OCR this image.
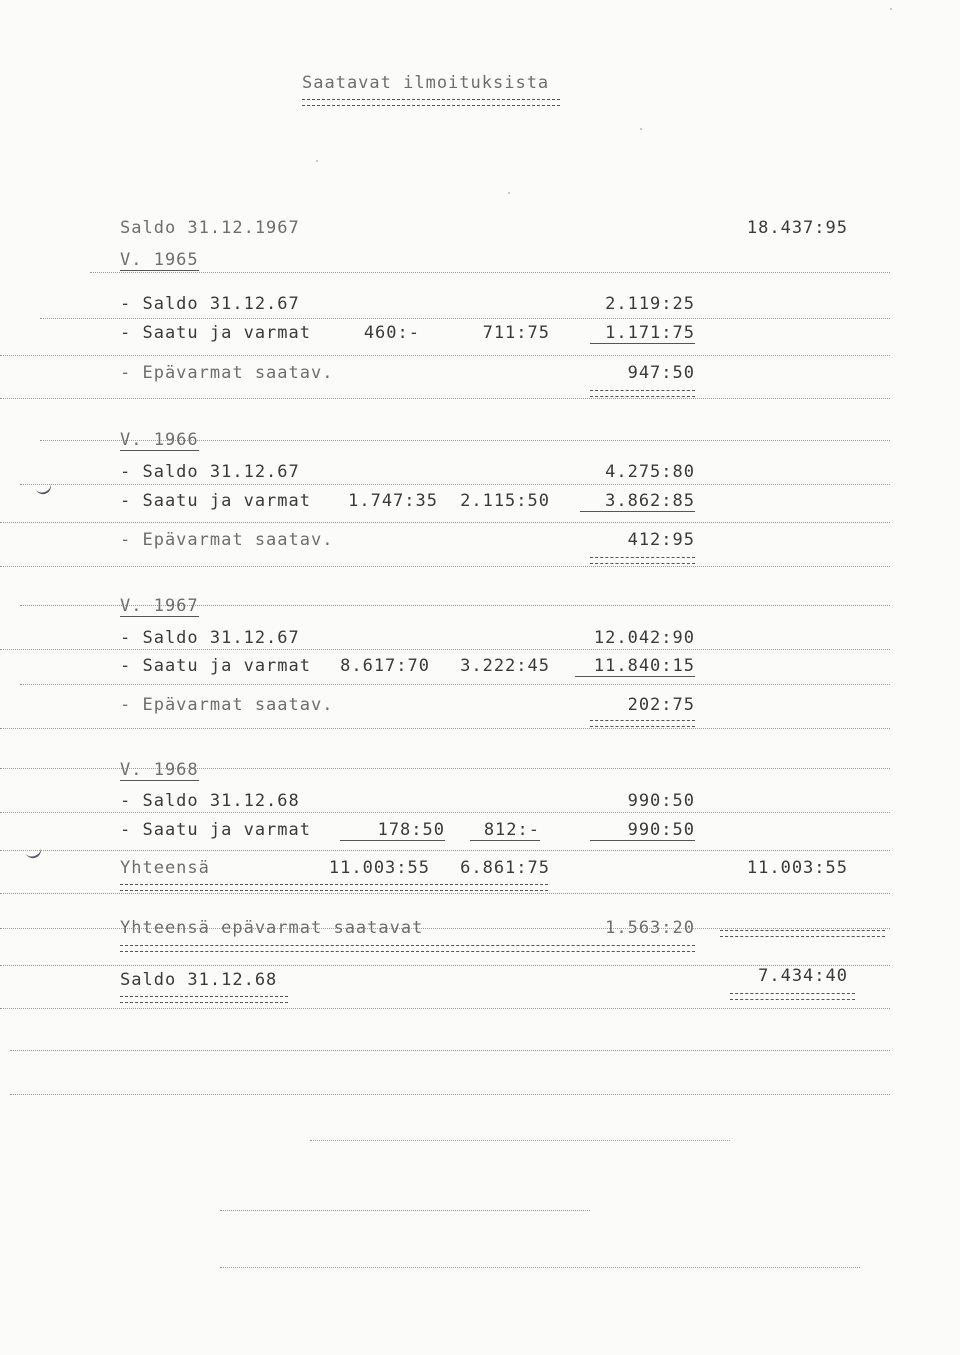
Saatavat ilmoituksista
Saldo 31.12.1967	18.437:95
V. 1965
- Saldo 31.12.67	2.119:25
- Saatu ja varmat	460:-	711:75	1.171:75
- Epävarmat saatav.	947:50
V. 1966
- Saldo 31.12.67	4.275:80
- Saatu ja varmat	1.747:35	2.115:50	3.862:85
- Epävarmat saatav.	412:95
V. 1967
- Saldo 31.12.67	12.042:90
- Saatu ja varmat	8.617:70	3.222:45	11.840:15
- Epävarmat saatav.	202:75
V. 1968
- Saldo 31.12.68	990:50
- Saatu ja varmat	178:50	812:-	990:50
Yhteensä	11.003:55	6.861:75	11.003:55
Yhteensä epävarmat saatavat	1.563:20
Saldo 31.12.68	7.434:40
